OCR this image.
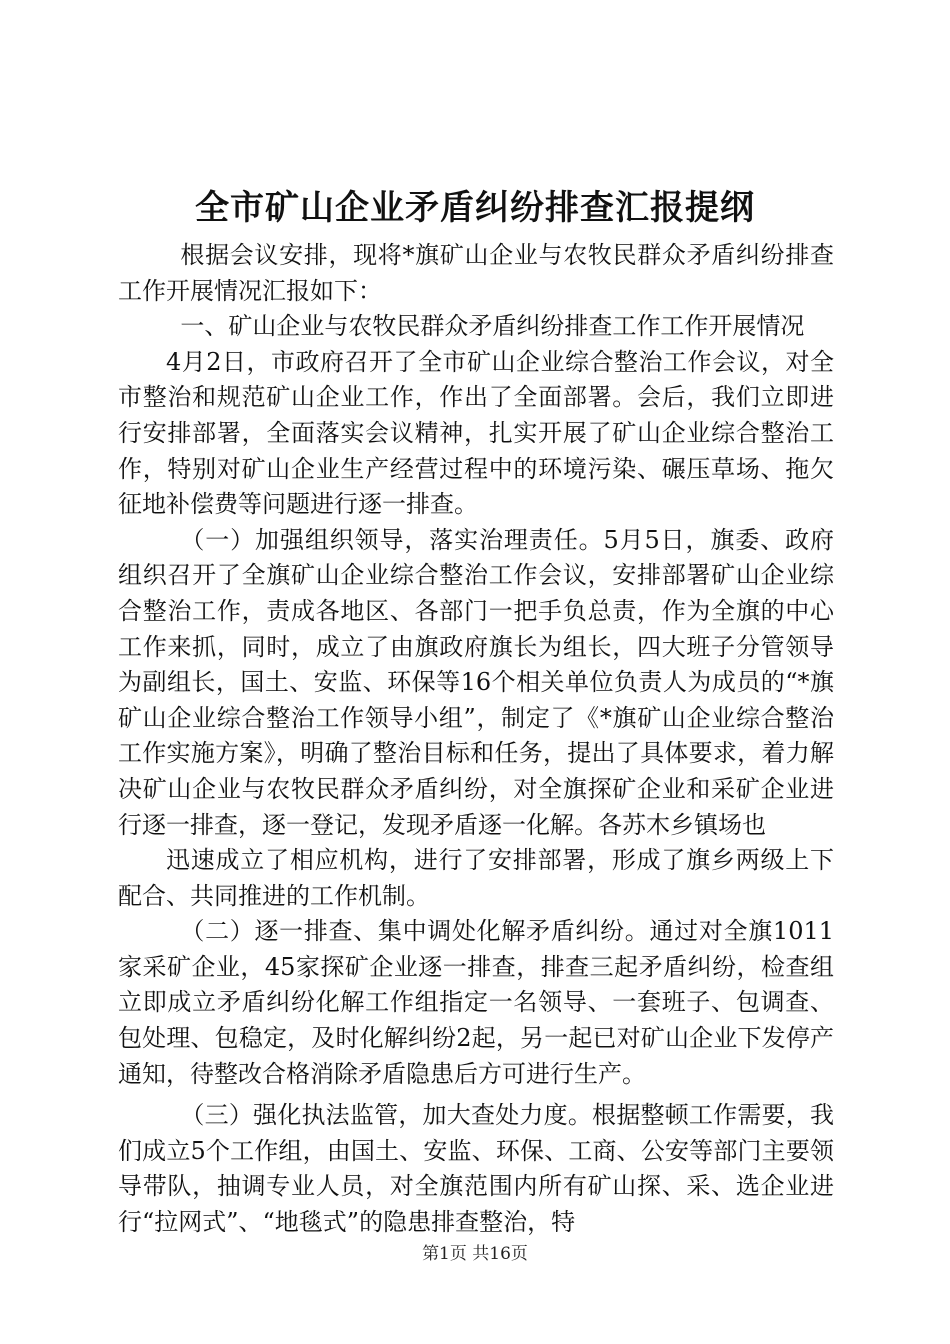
全市矿山企业矛盾纠纷排查汇报提纲

根据会议安排，现将*旗矿山企业与农牧民群众矛盾纠纷排查工作开展情况汇报如下：

一、矿山企业与农牧民群众矛盾纠纷排查工作工作开展情况

4月2日，市政府召开了全市矿山企业综合整治工作会议，对全市整治和规范矿山企业工作，作出了全面部署。会后，我们立即进行安排部署，全面落实会议精神，扎实开展了矿山企业综合整治工作，特别对矿山企业生产经营过程中的环境污染、碾压草场、拖欠征地补偿费等问题进行逐一排查。

（一）加强组织领导，落实治理责任。5月5日，旗委、政府组织召开了全旗矿山企业综合整治工作会议，安排部署矿山企业综合整治工作，责成各地区、各部门一把手负总责，作为全旗的中心工作来抓，同时，成立了由旗政府旗长为组长，四大班子分管领导为副组长，国土、安监、环保等16个相关单位负责人为成员的“*旗矿山企业综合整治工作领导小组”，制定了《*旗矿山企业综合整治工作实施方案》，明确了整治目标和任务，提出了具体要求，着力解决矿山企业与农牧民群众矛盾纠纷，对全旗探矿企业和采矿企业进行逐一排查，逐一登记，发现矛盾逐一化解。各苏木乡镇场也

迅速成立了相应机构，进行了安排部署，形成了旗乡两级上下配合、共同推进的工作机制。

（二）逐一排查、集中调处化解矛盾纠纷。通过对全旗1011家采矿企业，45家探矿企业逐一排查，排查三起矛盾纠纷，检查组立即成立矛盾纠纷化解工作组指定一名领导、一套班子、包调查、包处理、包稳定，及时化解纠纷2起，另一起已对矿山企业下发停产通知，待整改合格消除矛盾隐患后方可进行生产。

（三）强化执法监管，加大查处力度。根据整顿工作需要，我们成立5个工作组，由国土、安监、环保、工商、公安等部门主要领导带队，抽调专业人员，对全旗范围内所有矿山探、采、选企业进行“拉网式”、“地毯式”的隐患排查整治，特

第1页 共16页
